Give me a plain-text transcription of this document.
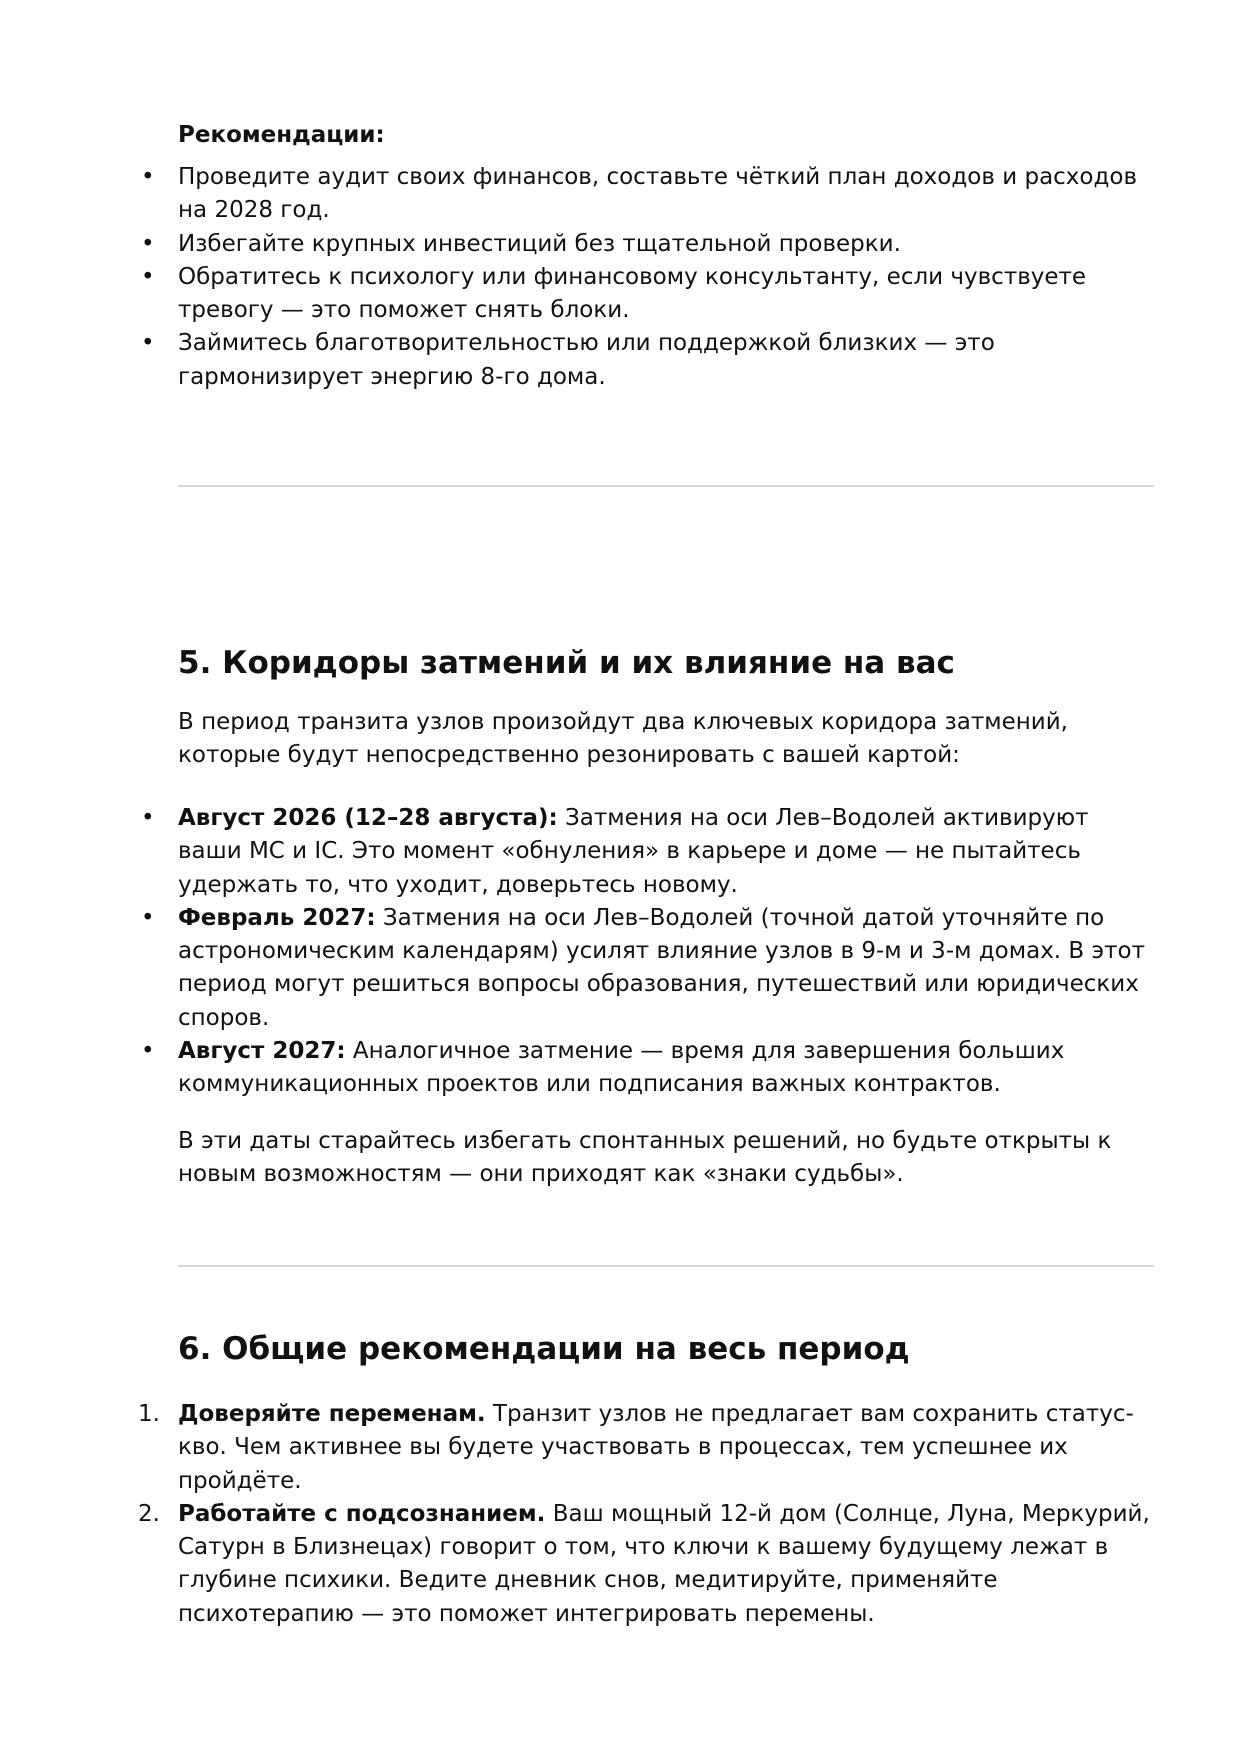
Рекомендации:

• Проведите аудит своих финансов, составьте чёткий план доходов и расходов на 2028 год.
• Избегайте крупных инвестиций без тщательной проверки.
• Обратитесь к психологу или финансовому консультанту, если чувствуете тревогу — это поможет снять блоки.
• Займитесь благотворительностью или поддержкой близких — это гармонизирует энергию 8-го дома.
5. Коридоры затмений и их влияние на вас

В период транзита узлов произойдут два ключевых коридора затмений, которые будут непосредственно резонировать с вашей картой:

• Август 2026 (12–28 августа): Затмения на оси Лев–Водолей активируют ваши MC и IC. Это момент «обнуления» в карьере и доме — не пытайтесь удержать то, что уходит, доверьтесь новому.
• Февраль 2027: Затмения на оси Лев–Водолей (точной датой уточняйте по астрономическим календарям) усилят влияние узлов в 9-м и 3-м домах. В этот период могут решиться вопросы образования, путешествий или юридических споров.
• Август 2027: Аналогичное затмение — время для завершения больших коммуникационных проектов или подписания важных контрактов.

В эти даты старайтесь избегать спонтанных решений, но будьте открыты к новым возможностям — они приходят как «знаки судьбы».

6. Общие рекомендации на весь период
1. Доверяйте переменам. Транзит узлов не предлагает вам сохранить статус-кво. Чем активнее вы будете участвовать в процессах, тем успешнее их пройдёте.
2. Работайте с подсознанием. Ваш мощный 12-й дом (Солнце, Луна, Меркурий, Сатурн в Близнецах) говорит о том, что ключи к вашему будущему лежат в глубине психики. Ведите дневник снов, медитируйте, применяйте психотерапию — это поможет интегрировать перемены.
